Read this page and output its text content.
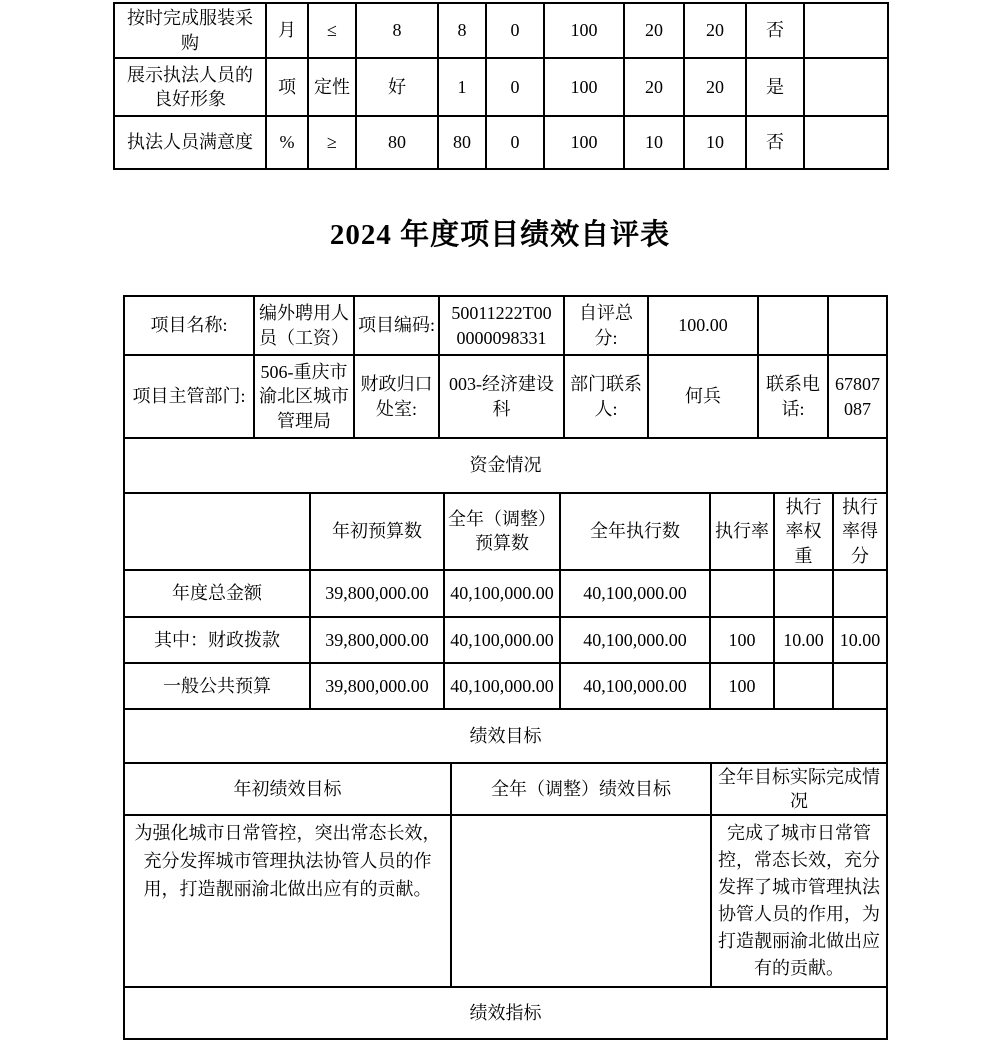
按时完成服装采购	月	≤	8	8	0	100	20	20	否	
展示执法人员的良好形象	项	定性	好	1	0	100	20	20	是	
执法人员满意度	%	≥	80	80	0	100	10	10	否	
2024 年度项目绩效自评表
项目名称:	编外聘用人员（工资）	项目编码:	50011222T000000098331	自评总分:	100.00		
项目主管部门:	506-重庆市渝北区城市管理局	财政归口处室:	003-经济建设科	部门联系人:	何兵	联系电话:	67807087
资金情况
	年初预算数	全年（调整）预算数	全年执行数	执行率	执行率权重	执行率得分
年度总金额	39,800,000.00	40,100,000.00	40,100,000.00			
其中：财政拨款	39,800,000.00	40,100,000.00	40,100,000.00	100	10.00	10.00
一般公共预算	39,800,000.00	40,100,000.00	40,100,000.00	100		
绩效目标
年初绩效目标	全年（调整）绩效目标	全年目标实际完成情况
为强化城市日常管控，突出常态长效，充分发挥城市管理执法协管人员的作用，打造靓丽渝北做出应有的贡献。		完成了城市日常管控，常态长效，充分发挥了城市管理执法协管人员的作用，为打造靓丽渝北做出应有的贡献。
绩效指标
